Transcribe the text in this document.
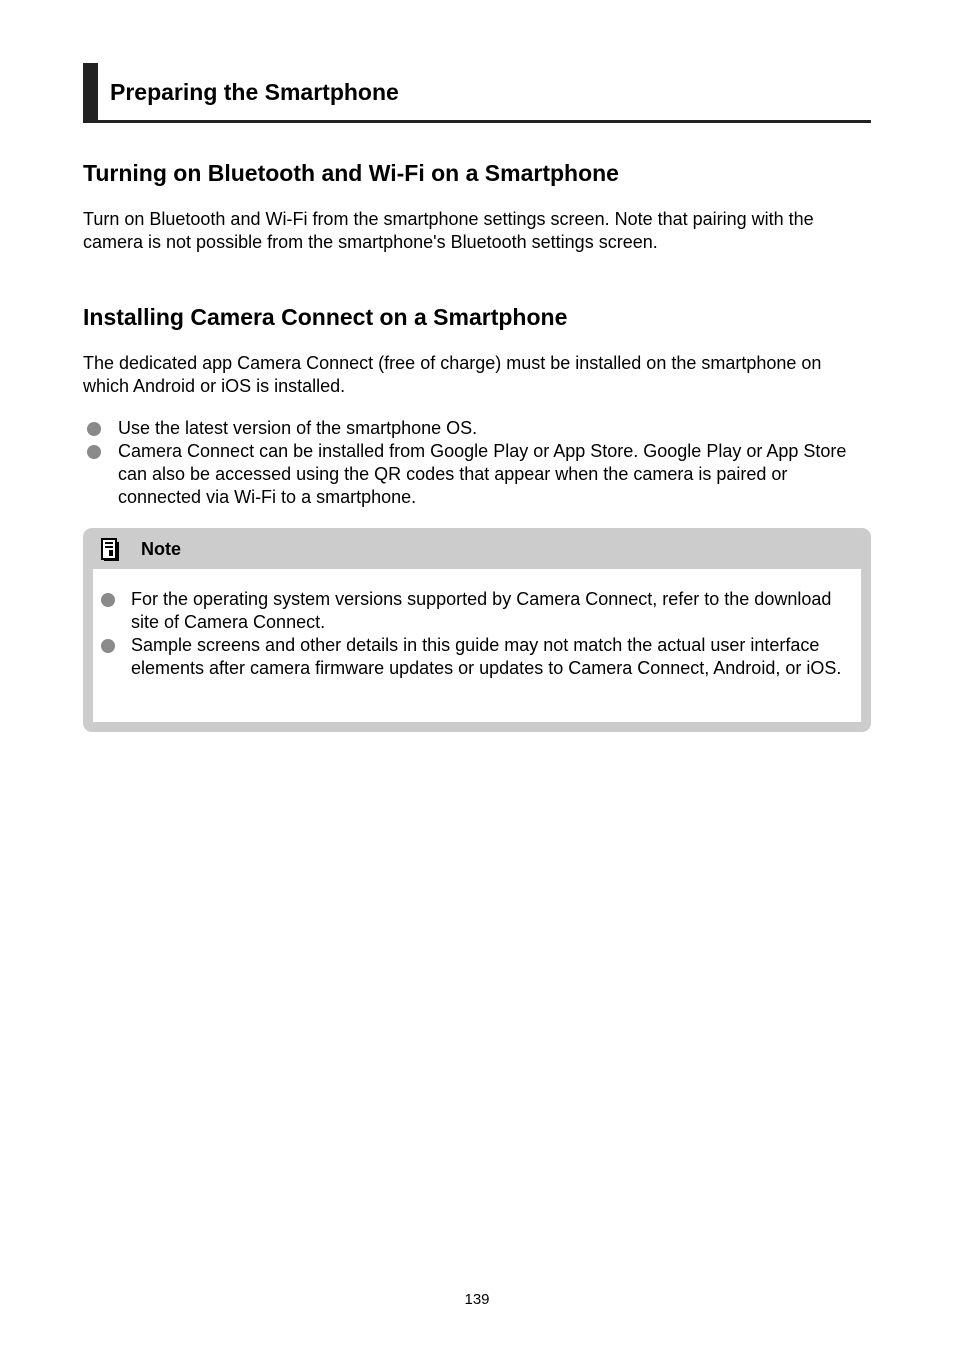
Preparing the Smartphone
Turning on Bluetooth and Wi-Fi on a Smartphone

Turn on Bluetooth and Wi-Fi from the smartphone settings screen. Note that pairing with the camera is not possible from the smartphone's Bluetooth settings screen.

Installing Camera Connect on a Smartphone

The dedicated app Camera Connect (free of charge) must be installed on the smartphone on which Android or iOS is installed.

Use the latest version of the smartphone OS.
Camera Connect can be installed from Google Play or App Store. Google Play or App Store can also be accessed using the QR codes that appear when the camera is paired or connected via Wi-Fi to a smartphone.
Note
For the operating system versions supported by Camera Connect, refer to the download site of Camera Connect.
Sample screens and other details in this guide may not match the actual user interface elements after camera firmware updates or updates to Camera Connect, Android, or iOS.
139
